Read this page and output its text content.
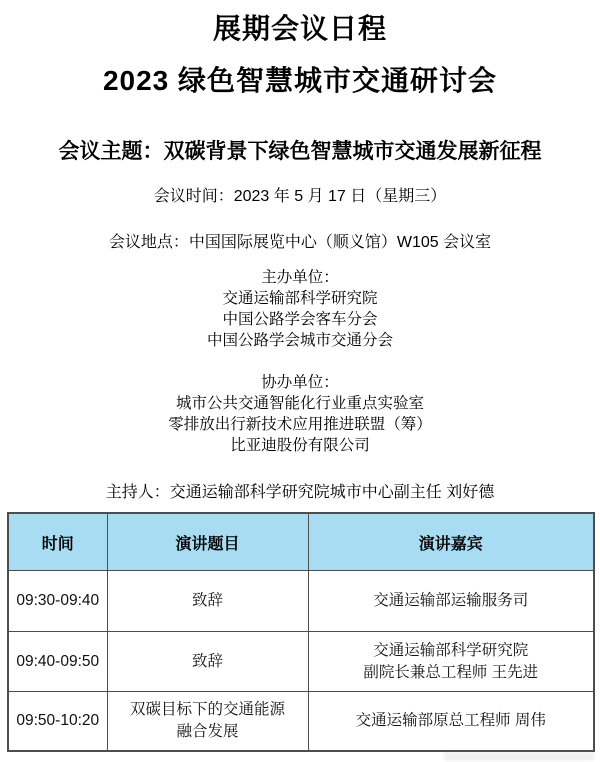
展期会议日程
2023 绿色智慧城市交通研讨会
会议主题：双碳背景下绿色智慧城市交通发展新征程
会议时间：2023 年 5 月 17 日（星期三）
会议地点：中国国际展览中心（顺义馆）W105 会议室
主办单位：
交通运输部科学研究院
中国公路学会客车分会
中国公路学会城市交通分会
协办单位：
城市公共交通智能化行业重点实验室
零排放出行新技术应用推进联盟（筹）
比亚迪股份有限公司
主持人：交通运输部科学研究院城市中心副主任 刘好德
时间	演讲题目	演讲嘉宾
09:30-09:40	致辞	交通运输部运输服务司

09:40-09:50	致辞	交通运输部科学研究院
副院长兼总工程师 王先进

09:50-10:20	双碳目标下的交通能源
融合发展	交通运输部原总工程师 周伟
